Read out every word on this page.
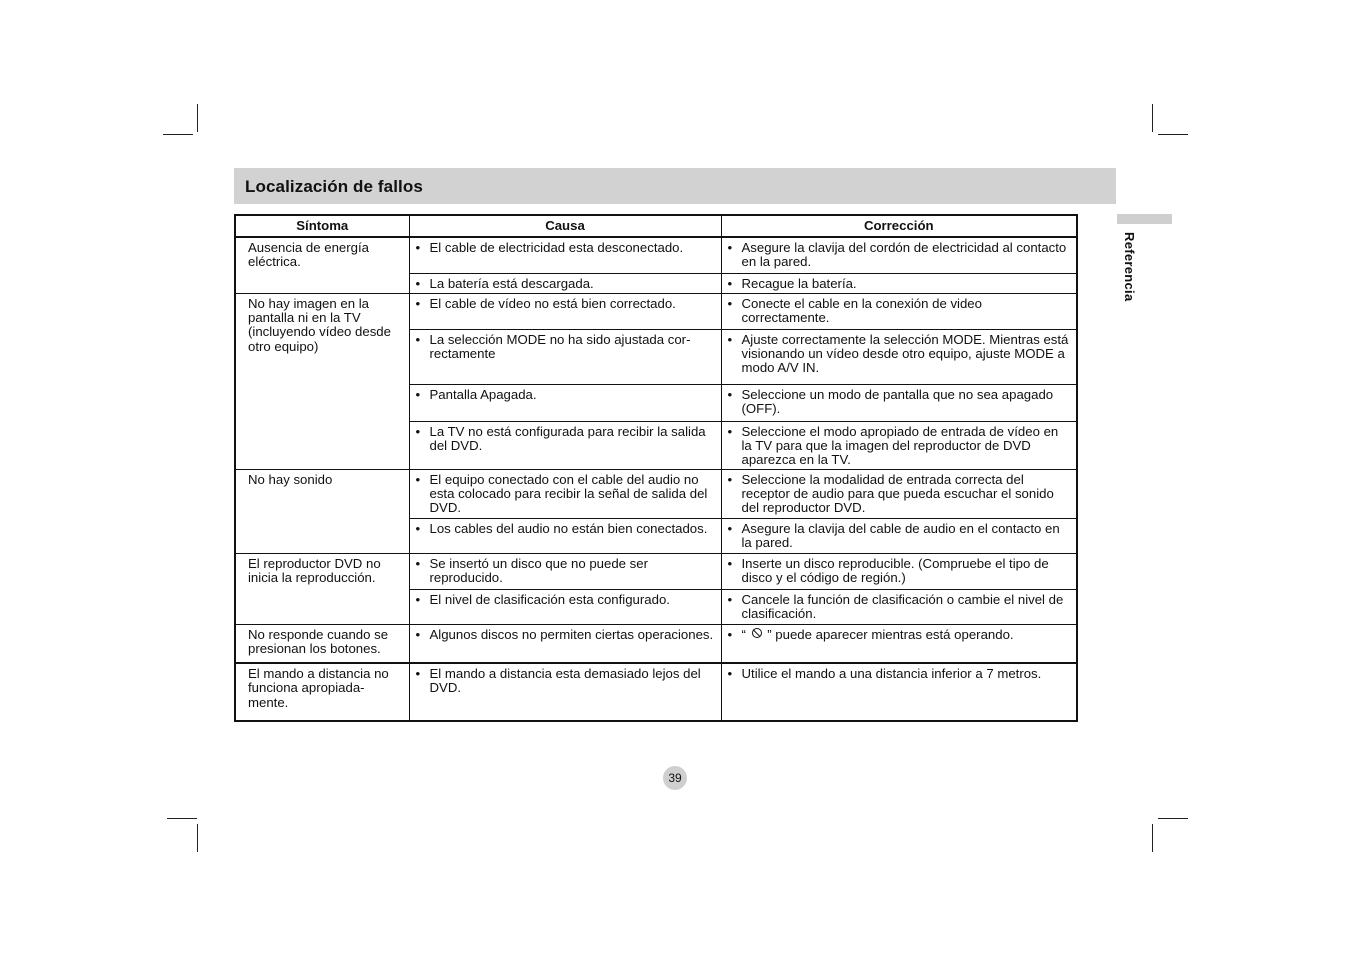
Localización de fallos
Referencia
Síntoma	Causa	Corrección
Ausencia de energía eléctrica.	• El cable de electricidad esta desconectado.	• Asegure la clavija del cordón de electricidad al contacto en la pared.

	• La batería está descargada.	• Recague la batería.

No hay imagen en la pantalla ni en la TV (incluyendo vídeo desde otro equipo)	• El cable de vídeo no está bien correctado.	• Conecte el cable en la conexión de video correctamente.

	• La selección MODE no ha sido ajustada cor-rectamente	• Ajuste correctamente la selección MODE. Mientras está visionando un vídeo desde otro equipo, ajuste MODE a modo A/V IN.

	• Pantalla Apagada.	• Seleccione un modo de pantalla que no sea apagado (OFF).

	• La TV no está configurada para recibir la salida del DVD.	• Seleccione el modo apropiado de entrada de vídeo en la TV para que la imagen del reproductor de DVD aparezca en la TV.

No hay sonido	• El equipo conectado con el cable del audio no esta colocado para recibir la señal de salida del DVD.	• Seleccione la modalidad de entrada correcta del receptor de audio para que pueda escuchar el sonido del reproductor DVD.

	• Los cables del audio no están bien conectados.	• Asegure la clavija del cable de audio en el contacto en la pared.

El reproductor DVD no inicia la reproducción.	• Se insertó un disco que no puede ser reproducido.	• Inserte un disco reproducible. (Compruebe el tipo de disco y el código de región.)

	• El nivel de clasificación esta configurado.	• Cancele la función de clasificación o cambie el nivel de clasificación.

No responde cuando se presionan los botones.	• Algunos discos no permiten ciertas operaciones.	• “ ” puede aparecer mientras está operando.

El mando a distancia no funciona apropiada-mente.	• El mando a distancia esta demasiado lejos del DVD.	• Utilice el mando a una distancia inferior a 7 metros.
39
